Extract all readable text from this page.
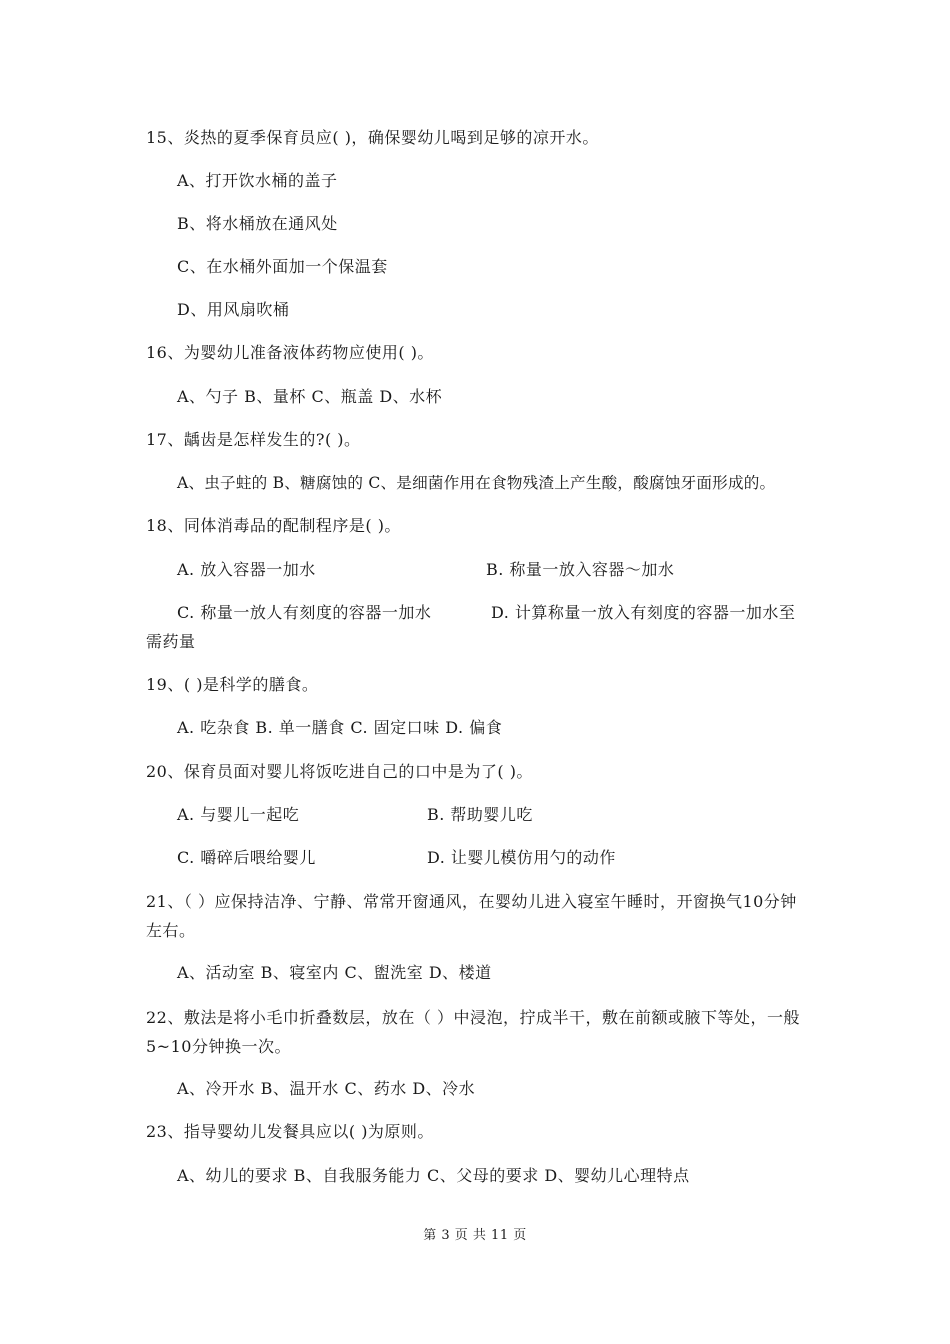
15、炎热的夏季保育员应( )，确保婴幼儿喝到足够的凉开水。
A、打开饮水桶的盖子
B、将水桶放在通风处
C、在水桶外面加一个保温套
D、用风扇吹桶
16、为婴幼儿准备液体药物应使用( )。
A、勺子 B、量杯 C、瓶盖 D、水杯
17、龋齿是怎样发生的?( )。
A、虫子蛀的 B、糖腐蚀的 C、是细菌作用在食物残渣上产生酸，酸腐蚀牙面形成的。
18、同体消毒品的配制程序是( )。
A. 放入容器一加水	B. 称量一放入容器～加水
C. 称量一放人有刻度的容器一加水	D. 计算称量一放入有刻度的容器一加水至
需药量
19、( )是科学的膳食。
A. 吃杂食 B. 单一膳食 C. 固定口味 D. 偏食
20、保育员面对婴儿将饭吃进自己的口中是为了( )。
A. 与婴儿一起吃	B. 帮助婴儿吃
C. 嚼碎后喂给婴儿	D. 让婴儿模仿用勺的动作
21、（ ）应保持洁净、宁静、常常开窗通风，在婴幼儿进入寝室午睡时，开窗换气10分钟左右。
A、活动室 B、寝室内 C、盥洗室 D、楼道
22、敷法是将小毛巾折叠数层，放在（ ）中浸泡，拧成半干，敷在前额或腋下等处，一般5~10分钟换一次。
A、冷开水 B、温开水 C、药水 D、冷水
23、指导婴幼儿发餐具应以( )为原则。
A、幼儿的要求 B、自我服务能力 C、父母的要求 D、婴幼儿心理特点
第 3 页 共 11 页
